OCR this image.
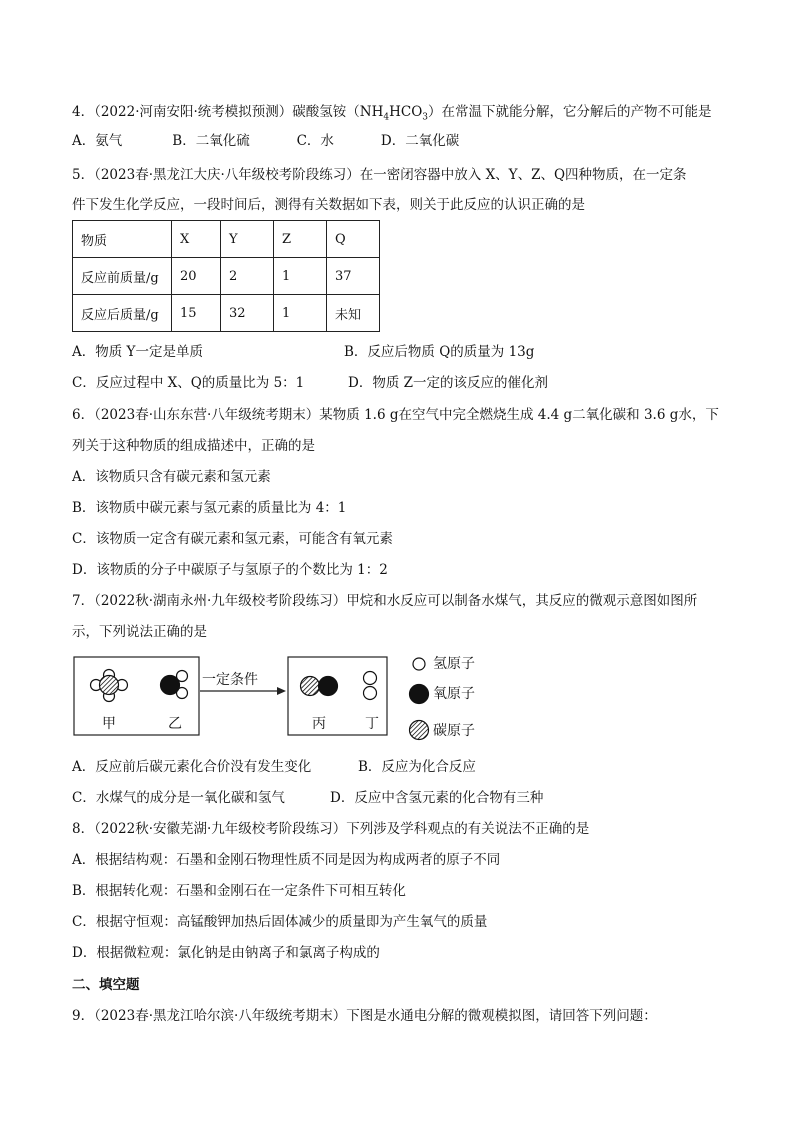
4．（2022·河南安阳·统考模拟预测）碳酸氢铵$(NH_4HCO_3)$在常温下就能分解，它分解后的产物不可能是
A．氨气	B．二氧化硫	C．水	D．二氧化碳
5．（2023春·黑龙江大庆·八年级校考阶段练习）在一密闭容器中放入 X、Y、Z、Q四种物质，在一定条
件下发生化学反应，一段时间后，测得有关数据如下表，则关于此反应的认识正确的是
物质	X	Y	Z	Q
反应前质量/g	20	2	1	37
反应后质量/g	15	32	1	未知
A．物质 Y一定是单质	B．反应后物质 Q的质量为 13g
C．反应过程中 X、Q的质量比为 5：1	D．物质 Z一定的该反应的催化剂
6．（2023春·山东东营·八年级统考期末）某物质 1.6 g在空气中完全燃烧生成 4.4 g二氧化碳和 3.6 g水，下
列关于这种物质的组成描述中，正确的是
A．该物质只含有碳元素和氢元素
B．该物质中碳元素与氢元素的质量比为 4：1
C．该物质一定含有碳元素和氢元素，可能含有氧元素
D．该物质的分子中碳原子与氢原子的个数比为 1：2
7．（2022秋·湖南永州·九年级校考阶段练习）甲烷和水反应可以制备水煤气，其反应的微观示意图如图所
示，下列说法正确的是
甲	乙
一定条件
丙	丁
氢原子
氧原子
碳原子
A．反应前后碳元素化合价没有发生变化	B．反应为化合反应
C．水煤气的成分是一氧化碳和氢气	D．反应中含氢元素的化合物有三种
8．（2022秋·安徽芜湖·九年级校考阶段练习）下列涉及学科观点的有关说法不正确的是
A．根据结构观：石墨和金刚石物理性质不同是因为构成两者的原子不同
B．根据转化观：石墨和金刚石在一定条件下可相互转化
C．根据守恒观：高锰酸钾加热后固体减少的质量即为产生氧气的质量
D．根据微粒观：氯化钠是由钠离子和氯离子构成的
二、填空题
9．（2023春·黑龙江哈尔滨·八年级统考期末）下图是水通电分解的微观模拟图，请回答下列问题：
